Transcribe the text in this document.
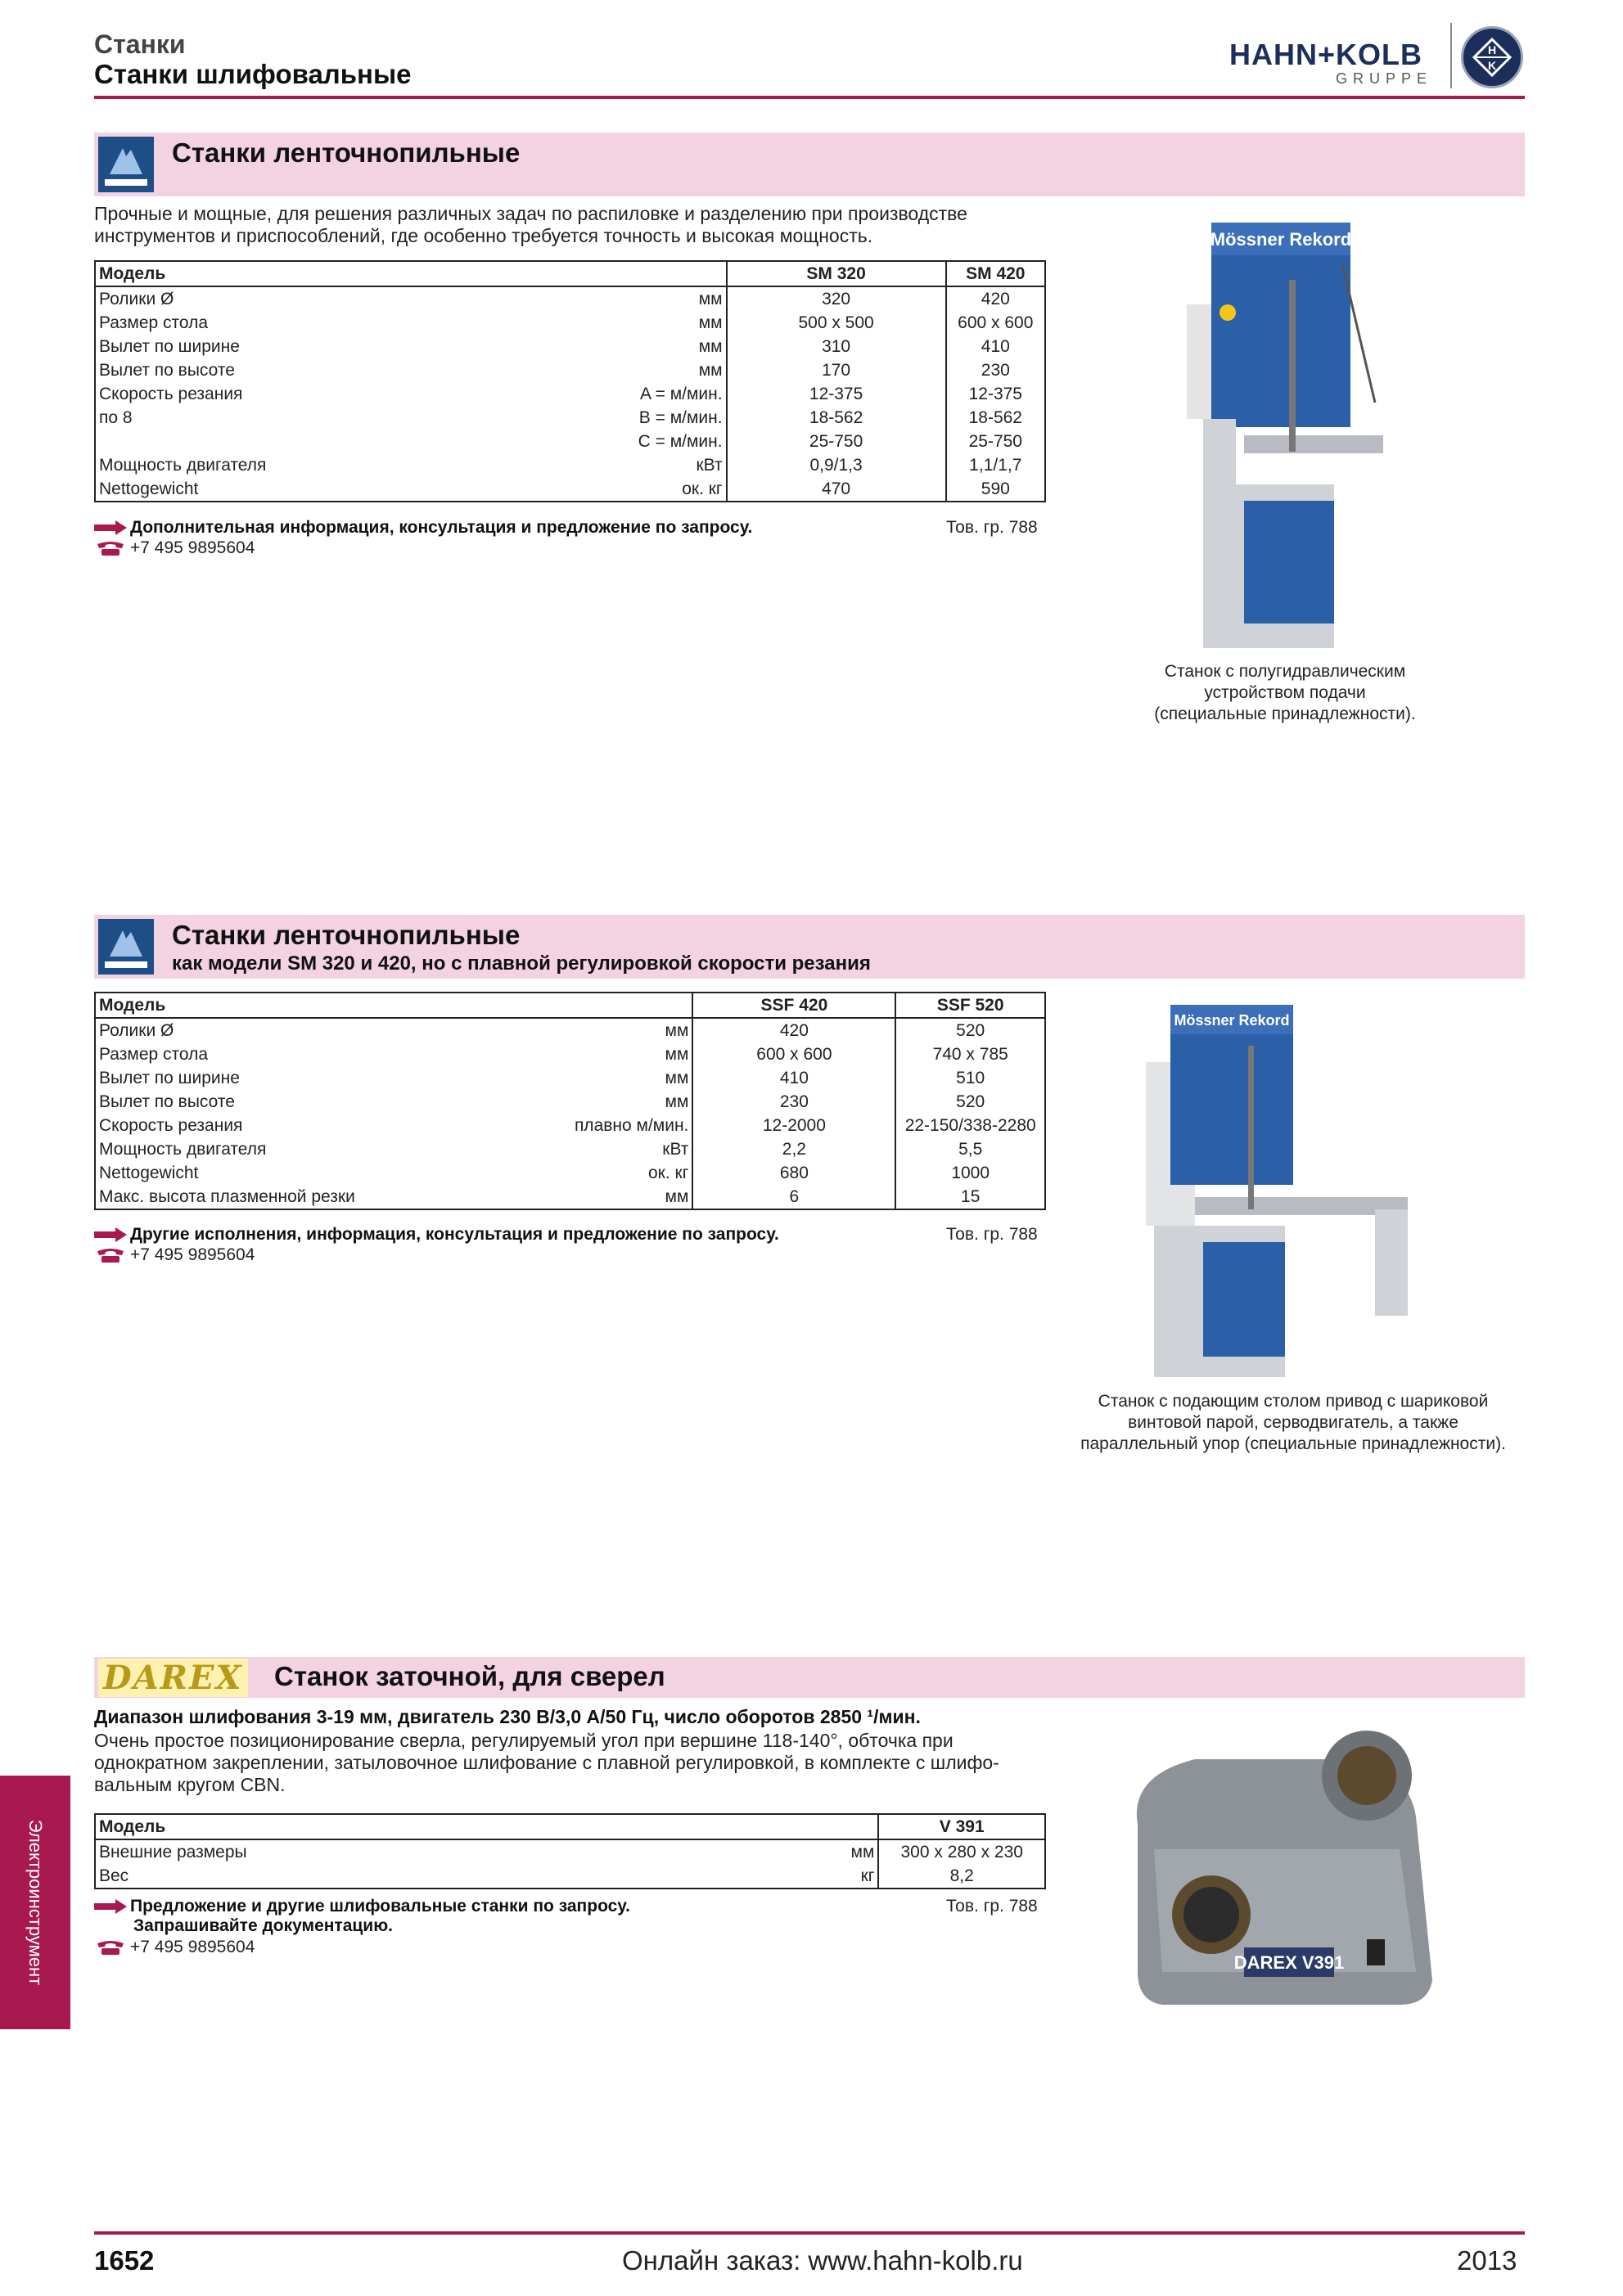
Станки
Станки шлифовальные
HAHN+KOLB
GRUPPE
H
K
Станки ленточнопильные
Прочные и мощные, для решения различных задач по распиловке и разделению при производстве инструментов и приспособлений, где особенно требуется точность и высокая мощность.
Модель		SM 320	SM 420
Ролики Ø	мм	320	420
Размер стола	мм	500 x 500	600 x 600
Вылет по ширине	мм	310	410
Вылет по высоте	мм	170	230
Скорость резания	A = м/мин.	12-375	12-375
по 8	B = м/мин.	18-562	18-562
	C = м/мин.	25-750	25-750
Мощность двигателя	кВт	0,9/1,3	1,1/1,7
Nettogewicht	ок. кг	470	590
Дополнительная информация, консультация и предложение по запросу.	Тов. гр. 788
+7 495 9895604
Mössner Rekord
Станок с полугидравлическим
устройством подачи
(специальные принадлежности).
Станки ленточнопильные
как модели SM 320 и 420, но с плавной регулировкой скорости резания
Модель		SSF 420	SSF 520
Ролики Ø	мм	420	520
Размер стола	мм	600 x 600	740 x 785
Вылет по ширине	мм	410	510
Вылет по высоте	мм	230	520
Скорость резания	плавно м/мин.	12-2000	22-150/338-2280
Мощность двигателя	кВт	2,2	5,5
Nettogewicht	ок. кг	680	1000
Макс. высота плазменной резки	мм	6	15
Другие исполнения, информация, консультация и предложение по запросу.	Тов. гр. 788
+7 495 9895604
Mössner Rekord
Станок с подающим столом привод с шариковой
винтовой парой, серводвигатель, а также
параллельный упор (специальные принадлежности).
DAREX Станок заточной, для сверел
Диапазон шлифования 3-19 мм, двигатель 230 В/3,0 А/50 Гц, число оборотов 2850 ¹/мин.
Очень простое позиционирование сверла, регулируемый угол при вершине 118-140°, обточка при однократном закреплении, затыловочное шлифование с плавной регулировкой, в комплекте с шлифо-вальным кругом CBN.
Модель		V 391
Внешние размеры	мм	300 x 280 x 230
Вес	кг	8,2
Предложение и другие шлифовальные станки по запросу.
Запрашивайте документацию.
Тов. гр. 788
+7 495 9895604
DAREX V391
Электроинструмент
1652	Онлайн заказ: www.hahn-kolb.ru	2013
